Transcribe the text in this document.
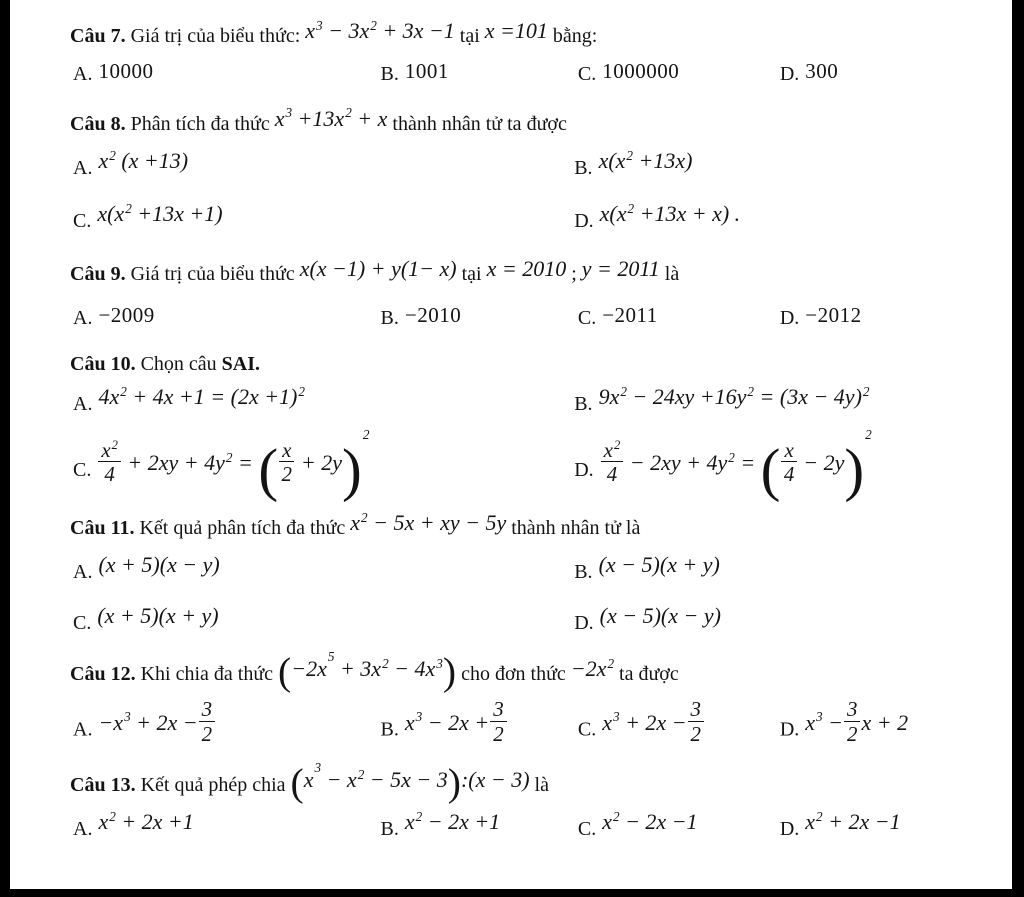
Câu 7. Giá trị của biểu thức: $x^3 - 3x^2 + 3x -1$ tại x =101 bằng:
A. 10000	B. 1001	C. 1000000	D. 300
Câu 8. Phân tích đa thức $x^3 +13x^2 + x$ thành nhân tử ta được
A. $x^2$ (x +13)	B. $x(x^2 +13x)$
C. $x(x^2 +13x +1)$	D. $x(x^2 +13x + x)$ .
Câu 9. Giá trị của biểu thức x(x −1) + y(1− x) tại x = 2010 ; y = 2011 là
A. −2009	B. −2010	C. −2011	D. −2012
Câu 10. Chọn câu SAI.
A. $4x^2 + 4x +1 = (2x +1)^2$
B. $9x^2 - 24xy +16y^2 = (3x - 4y)^2$
C. $\frac{x^2}{4} + 2xy + 4y^2$ = ( $\frac{x}{2} + 2y)^2$
D. $\frac{x^2}{4} - 2xy + 4y^2$ = ( $\frac{x}{4} - 2y)^2$
Câu 11. Kết quả phân tích đa thức $x^2 - 5x$ + xy − 5y thành nhân tử là
A. (x + 5)(x − y)	B. (x − 5)(x + y)
C. (x + 5)(x + y)	D. (x − 5)(x − y)
Câu 12. Khi chia đa thức $(-2x^5 + 3x^2 - 4x^3)$ cho đơn thức $-2x^2$ ta được
A. $-x^3 + 2x - \frac{3}{2}$	B. $x^3 - 2x + \frac{3}{2}$	C. $x^3 + 2x - \frac{3}{2}$	D. $x^3 - \frac{3}{2}$ x + 2
Câu 13. Kết quả phép chia ($x^3 - x^2 - 5x$ − 3):(x − 3) là
A. $x^2 + 2x +1$	B. $x^2 - 2x +1$	C. $x^2 - 2x -1$	D. $x^2 + 2x -1$
